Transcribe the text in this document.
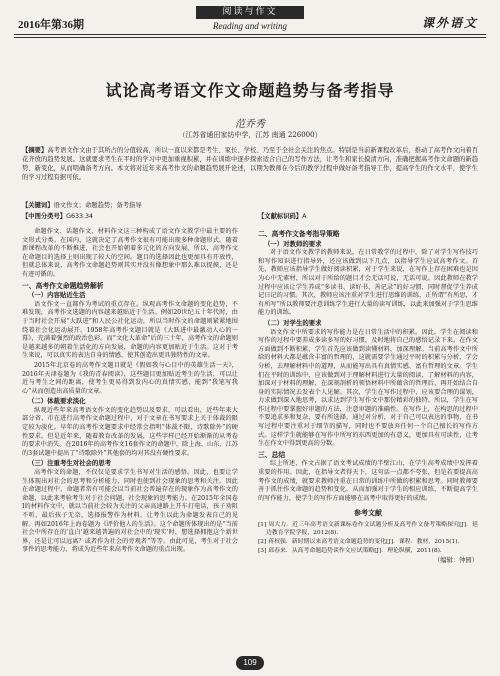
2016年第36期
阅读与作文
Reading and writing	课外语文
试论高考语文作文命题趋势与备考指导
范乔秀
（江苏省通田家纺中学，江苏 南通 226000）
【摘要】高考语文作文由于其所占的分值较高，所以一直以来都是考生、家长、学校、乃至于全社会关注的焦点。特别是当前新课程改革后，推动了高考作文向着百花齐放的趋势发展。这就要求考生在平时的学习中更加重视积累，并在训练中逐步探索适合自己的写作方法，让考生和家长摸清方向，准确把握高考作文命题的新趋势、新变化，从而明确备考方向。本文将对近年来高考作文的命题趋势展开论述，以期为教师在今后的教学过程中做好备考指导工作，提高学生的作文水平，使学生的学习过程有据可依。
【关键词】语文作文；命题趋势；备考指导
【中图分类号】G633.34	【文献标识码】A

命题作文、话题作文、材料作文这三种构成了语文作文教学中最主要的作文形式分类。在国内，这就决定了高考作文很有可能出现多种命题形式。随着新课程改革的不断推进，社会也开始朝着多元化的方向发展，所以，高考作文在命题目的选择上则出现了较大的空间。题目的选择因此也更加具有开放性，但就总体来说，高考作文命题趋势则其实并没有像想象中那么难以捉摸，还是有迹可循的。

一、高考作文命题趋势解析
（一）内容贴近生活

语文作文一直都作为考试的重点存在。纵观高考作文命题的变化趋势，不难发现，高考作文选题的内容越来越贴近于生活。例如20世纪五十年代时，由于当时社会开展“大跃进”和人民公社化运动，所以当时作文的命题则紧紧地围绕着社会化运动展开。1958年高考作文题目就是《大跃进中最激动人心的一幕》，充满着强烈的政治色彩。而“文化大革命”后的三十年，高考作文的命题则是越来越多的朝着生活化的方向发展，命题的内容更加贴近于生活。这对于考生来说，可以真实的表达自身的情感，使其创造出更具独特性的文章。

2015年北京卷的高考作文题目就是《假如我与心目中的英雄生活一天》，2016年天津卷题为《我的青春阅读》，这些题目更加贴近考生的生活，可以让近与考生之间的距离，使考生更易得到发内心的真情实感，能到“我笔写我心”从而创造出高质量的文章。

（二）体裁要求淡化

纵观近些年来高考语文作文的变化趋势以及要求，可以看出，近些年来大部分省、市在进行高考作文命题过程中，对于文章在书写要求上关于体裁的限定较为淡化。早年的高考作文题要求中经常会指明“体裁不限，诗歌除外”的硬性要求。但是近年来，随着教育改革的发展，这些字样已经开始渐渐的从考卷的要求中消失。在2016年的高考作文16套作文的命题中，除上海、山东、江苏的3套试题中提出了“诗歌除外”其他套的均对其没有硬性要求。

（三）注重考生对社会的思考

高考作文的命题，不仅仅是要求学生书写对生活的感悟。因此，也要让学生体现出对社会的思考和分析能力，同时也使到社会现象的思考和关注。因此在命题过程中，命题者常有可能会以当前社会普遍存在的现象作为高考作文的命题，以此来考验考生对于社会问题，社会现象的思考能力。在2015年全国卷Ⅰ的材料作文中，就以当前社会较为关注的父亲高速路上开车打电话，孩子劝阻不听，最后孩子无奈，选择报警作为材料，让考生以此为命题发表自己的见解。再如2016年上海卷题为《评价他人的生活》。这个命题所体现出的是“当前社会中所存在的'直白'越来越普遍的对社会中的'现实'时，想选择拥抱这个新世界，还是让可以远离？或者作为社会的旁观者”等等。由此可见，考生对于社会事件的思考能力，将成为近些年来高考作文命题的重点出现。

二、高考作文备考指导策略
（一）对教师的要求

对于语文作文教学的教师来说，在日常教学的过程中，除了对学生写作技巧和写作知识进行指导外，还应该做到以下几点，以指导学生应试高考作文。首先，教师应该指导学生做好阅读积累，对于学生来说，在写作上存在困难也是因为心中无素材，所以对于所给的题目才会无话可说，无话可说。因此教师在教学过程中应该让学生养成“多读书、读好书、善记录”的好习惯，同时督促学生养成记日记的习惯。其次，教师应该注重对学生进行思维的训练，正所谓“有所思，才有所写”所以教师要注意训练学生进行大量的读写训练，以此来加强对于学生思维能力的训练。

（二）对学生的要求

语文作文中所要求的写作能力是在日常生活中的积累。因此，学生在阅读和写作的过程中要养成多读多写的好习惯，及时地将自己的感悟记录下来。在作文方面做到不断积累，学生首先应该做到读懂材料，加深理解。当前高考作文中所给的材料大都是蕴含丰富的哲理的，这就需要学生通过平时的积累与分析，学会分析，去理解材料中的道理，从而能写出具有真情实感、富有哲理的文章。学生们在平时的训练中，应该做到对于理解材料进行大量的阅读，了解材料的内容，加深对于材料的理解，在深刻剖析的领悟材料中所蕴含的哲理后，再开始结合自身的实际情况去发表个人见解。其次，学生在写作过程中，应该要合理的谋划，力求做到深入地思考，以求达到学生写作文中那份精彩的独特。所以，学生在写作过程中要掌握好审题的方法，注意审题的准确性。在写作上，在构思的过程中不要追求多和复杂，要有所选择，通过对分析，对于自己可以表达的事物，在书写过程中要注重对于细节的描写，同时也不要放弃任何一个自己擅长的写作方式。这样学生就能够在写作中所写的东西更加的有意义，更加具有可读性，让考生在作文中得到更高的分数。

三、总结

综上所述，作文占据了语文考试成绩的半壁江山，在学生高考成绩中发挥着重要的作用。因此，在指导文者得天下，这句话一点都不夸张，但是若要提高高考作文的成绩，就要求教师注重在日常的训练中所做的积累和思考。同时教师要善于抓住作文命题的趋势和变化，从而加强对于学生的相应训练，不断提高学生的写作能力，使学生的写作方面能够在高考中取得更好的成绩。

参考文献
[1] 周大力．近三年高考语文新课标卷作文试题分析及高考作文备考策略探究[J]．延边教育学院学报，2012(8)．
[2] 蒋权强．新时期以来高考语文命题趋势的变化[J]．课程．教材，2015(1)．
[3] 邱春来．从高考命题趋势谈作文应试策略[J]．理论纵横，2011(8)．
（编辑：钟园）
109
